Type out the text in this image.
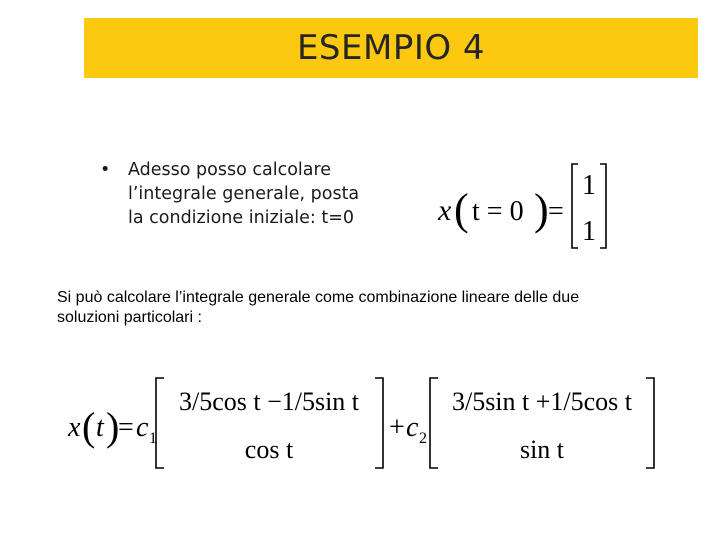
ESEMPIO 4
• Adesso posso calcolare
l’integrale generale, posta
la condizione iniziale: t=0	x ( t = 0 ) =
1
1
Si può calcolare l’integrale generale come combinazione lineare delle due
soluzioni particolari :
x ( t )
= c 1
3/5cos t −1/5sin t
cos t
+ c 2
3/5sin t +1/5cos t
sin t
